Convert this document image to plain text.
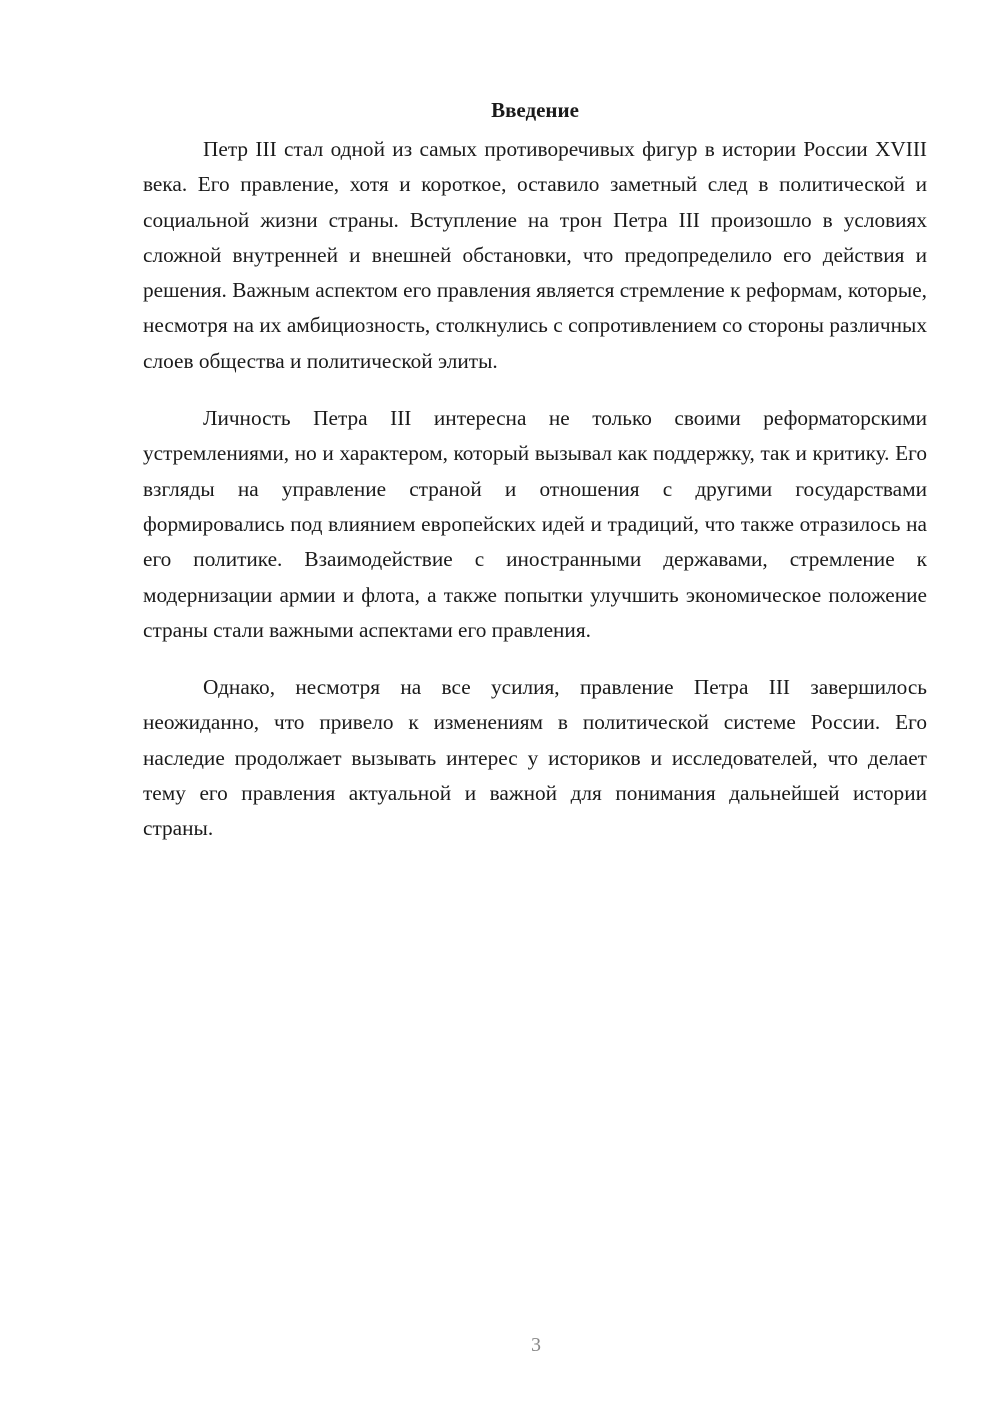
Введение

Петр III стал одной из самых противоречивых фигур в истории России XVIII века. Его правление, хотя и короткое, оставило заметный след в политической и социальной жизни страны. Вступление на трон Петра III произошло в условиях сложной внутренней и внешней обстановки, что предопределило его действия и решения. Важным аспектом его правления является стремление к реформам, которые, несмотря на их амбициозность, столкнулись с сопротивлением со стороны различных слоев общества и политической элиты.

Личность Петра III интересна не только своими реформаторскими устремлениями, но и характером, который вызывал как поддержку, так и критику. Его взгляды на управление страной и отношения с другими государствами формировались под влиянием европейских идей и традиций, что также отразилось на его политике. Взаимодействие с иностранными державами, стремление к модернизации армии и флота, а также попытки улучшить экономическое положение страны стали важными аспектами его правления.

Однако, несмотря на все усилия, правление Петра III завершилось неожиданно, что привело к изменениям в политической системе России. Его наследие продолжает вызывать интерес у историков и исследователей, что делает тему его правления актуальной и важной для понимания дальнейшей истории страны.

3
